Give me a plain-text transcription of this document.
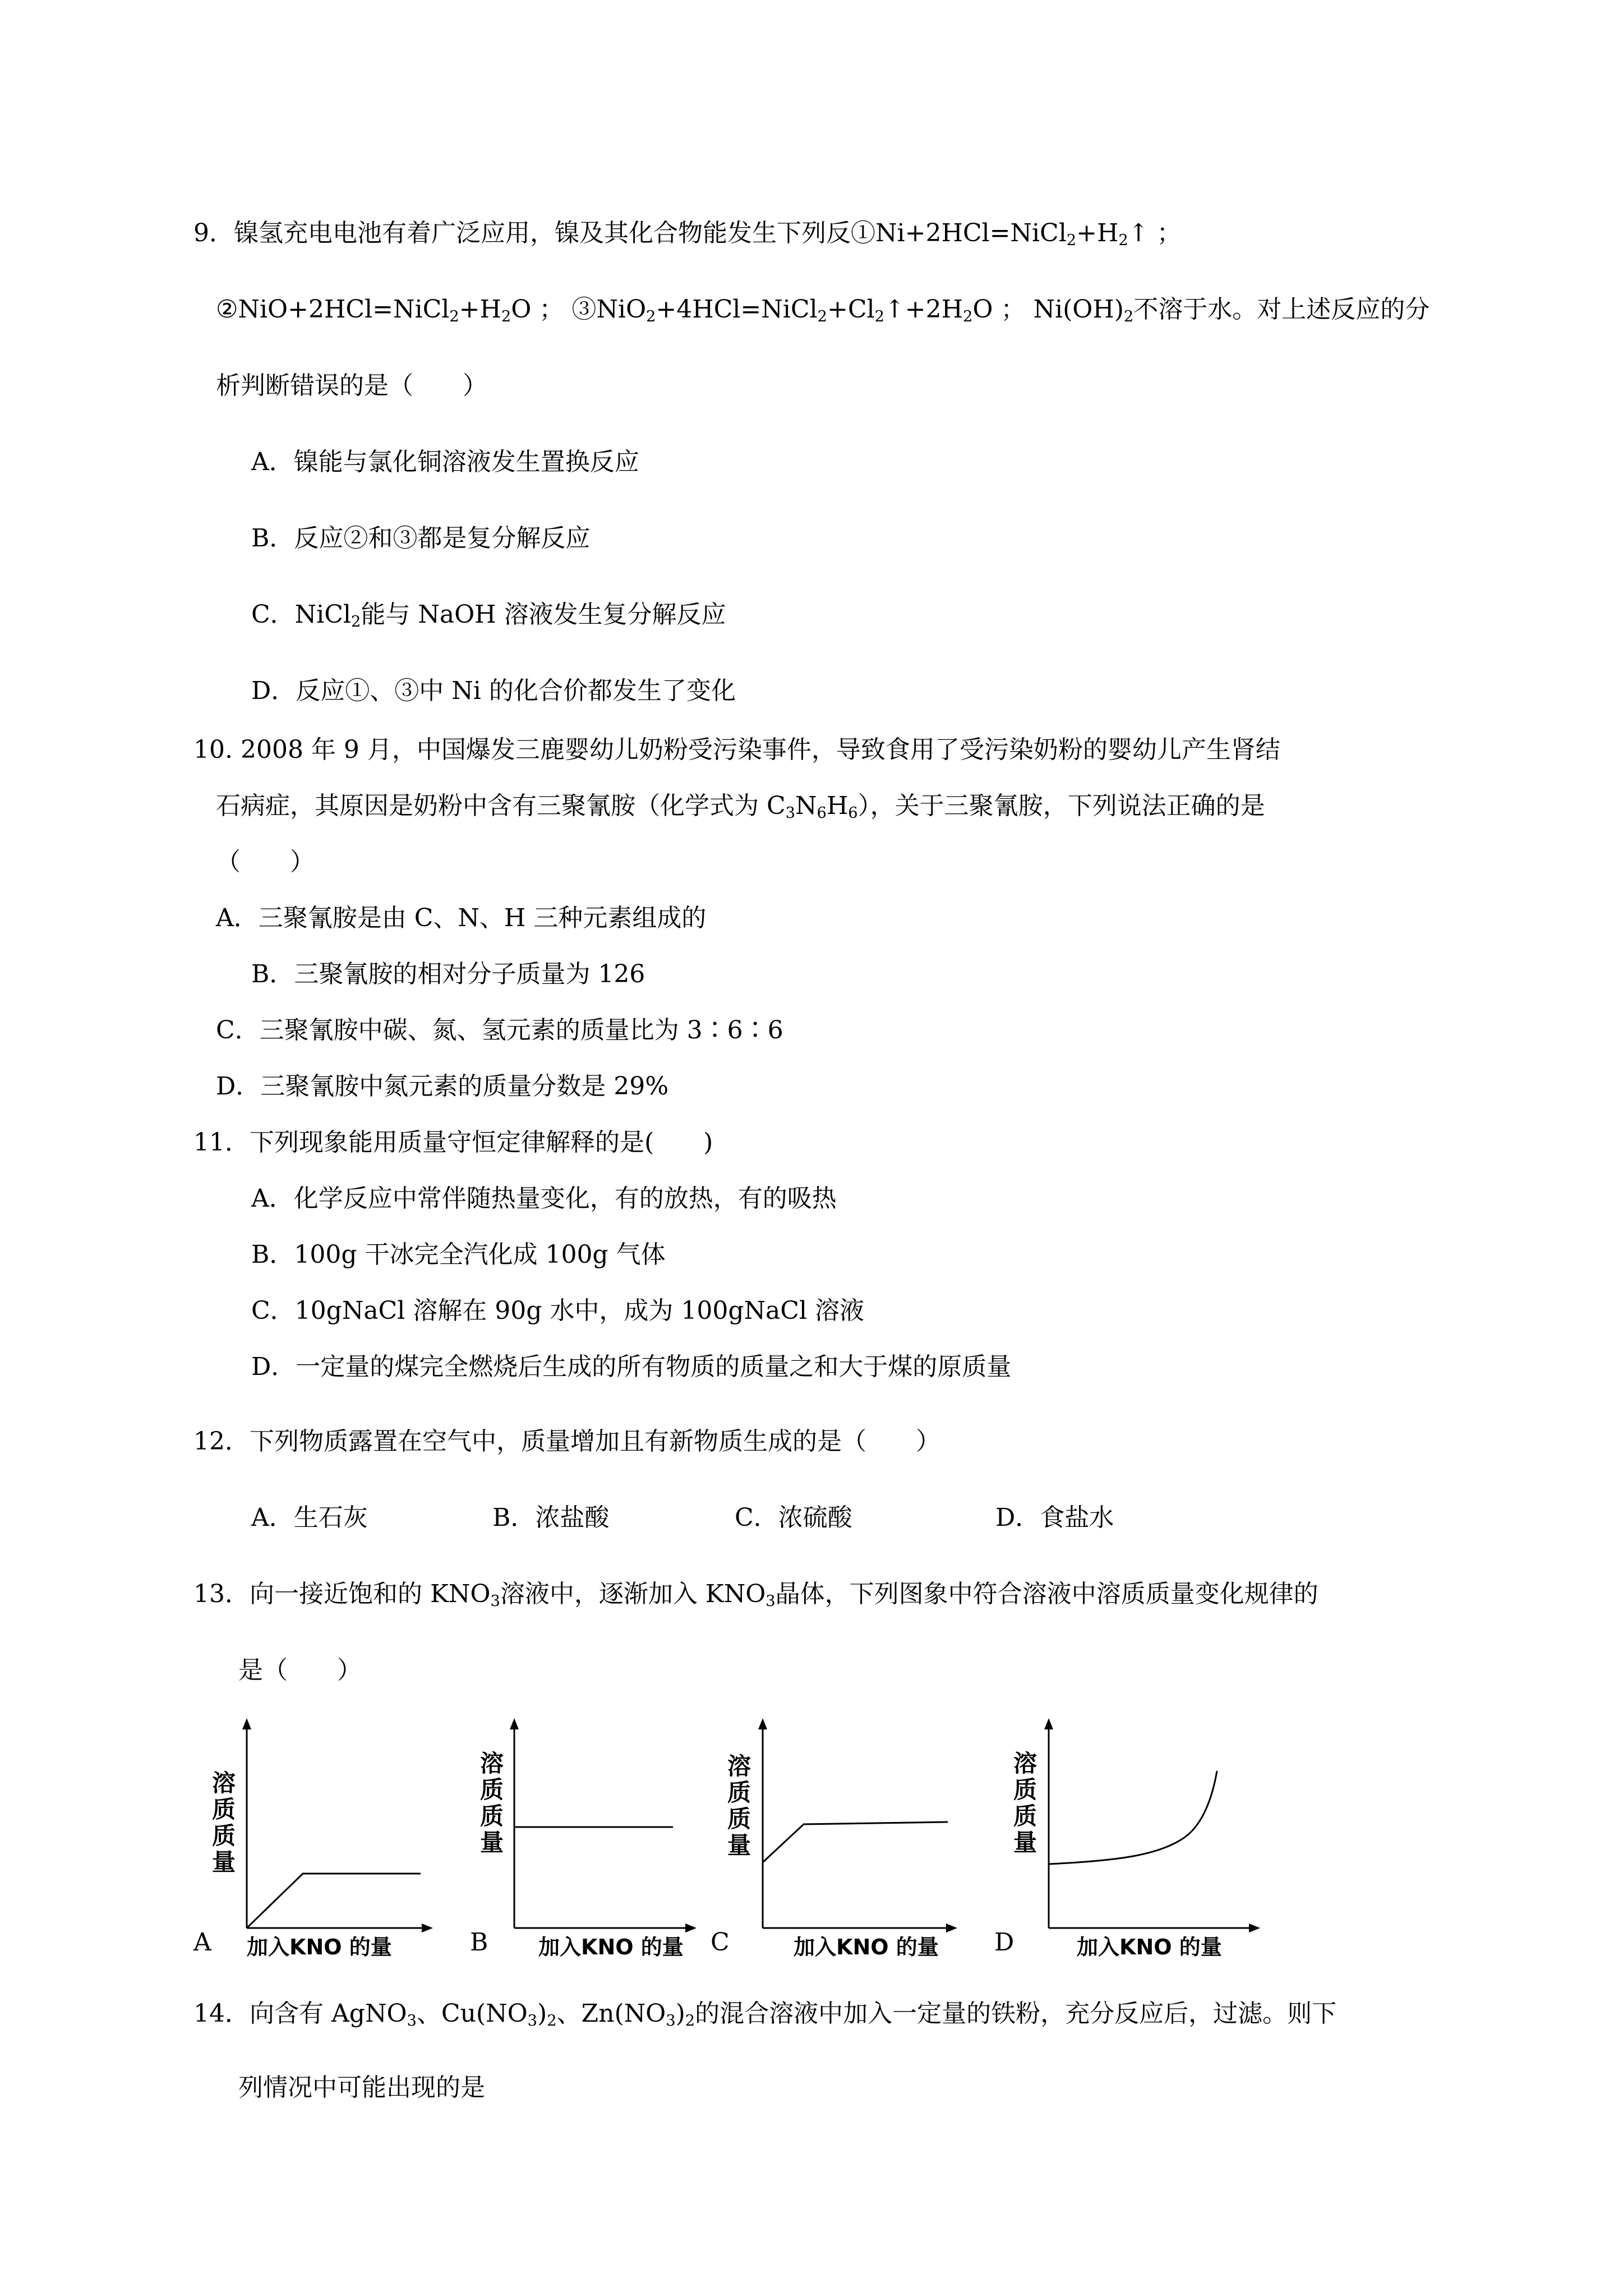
9．镍氢充电电池有着广泛应用，镍及其化合物能发生下列反$①Ni+2HCl=NiCl_2+H_2↑$ ；
$②NiO+2HCl=NiCl_2+H_2O$ ； $③NiO_2+4HCl=NiCl_2+Cl_2↑+2H_2O$ ； $Ni(OH)_2$不溶于水。对上述反应的分
析判断错误的是（　　）
A．镍能与氯化铜溶液发生置换反应
B．反应②和③都是复分解反应
C．NiCl$_2$能与 NaOH 溶液发生复分解反应
D．反应①、③中 Ni 的化合价都发生了变化
10. 2008 年 9 月，中国爆发三鹿婴幼儿奶粉受污染事件，导致食用了受污染奶粉的婴幼儿产生肾结
石病症，其原因是奶粉中含有三聚氰胺（化学式为 $C_3N_6H_6$），关于三聚氰胺，下列说法正确的是
（　　）
A．三聚氰胺是由 C、N、H 三种元素组成的
B．三聚氰胺的相对分子质量为 126
C．三聚氰胺中碳、氮、氢元素的质量比为 3∶6∶6
D．三聚氰胺中氮元素的质量分数是 29%
11．下列现象能用质量守恒定律解释的是(　　)
A．化学反应中常伴随热量变化，有的放热，有的吸热
B．100g 干冰完全汽化成 100g 气体
C．10gNaCl 溶解在 90g 水中，成为 100gNaCl 溶液
D．一定量的煤完全燃烧后生成的所有物质的质量之和大于煤的原质量
12．下列物质露置在空气中，质量增加且有新物质生成的是（　　）
A．生石灰	B．浓盐酸	C．浓硫酸	D．食盐水
13．向一接近饱和的 $KNO_3$溶液中，逐渐加入 $KNO_3$晶体，下列图象中符合溶液中溶质质量变化规律的
是（　　）
溶质质量
加入KNO 的量
A
溶质质量
加入KNO 的量
B
溶质质量
加入KNO 的量
C
溶质质量
加入KNO 的量
D
14．向含有 AgNO$_3$、$Cu(NO_3)_2$、$Zn(NO_3)_2$的混合溶液中加入一定量的铁粉，充分反应后，过滤。则下
列情况中可能出现的是
